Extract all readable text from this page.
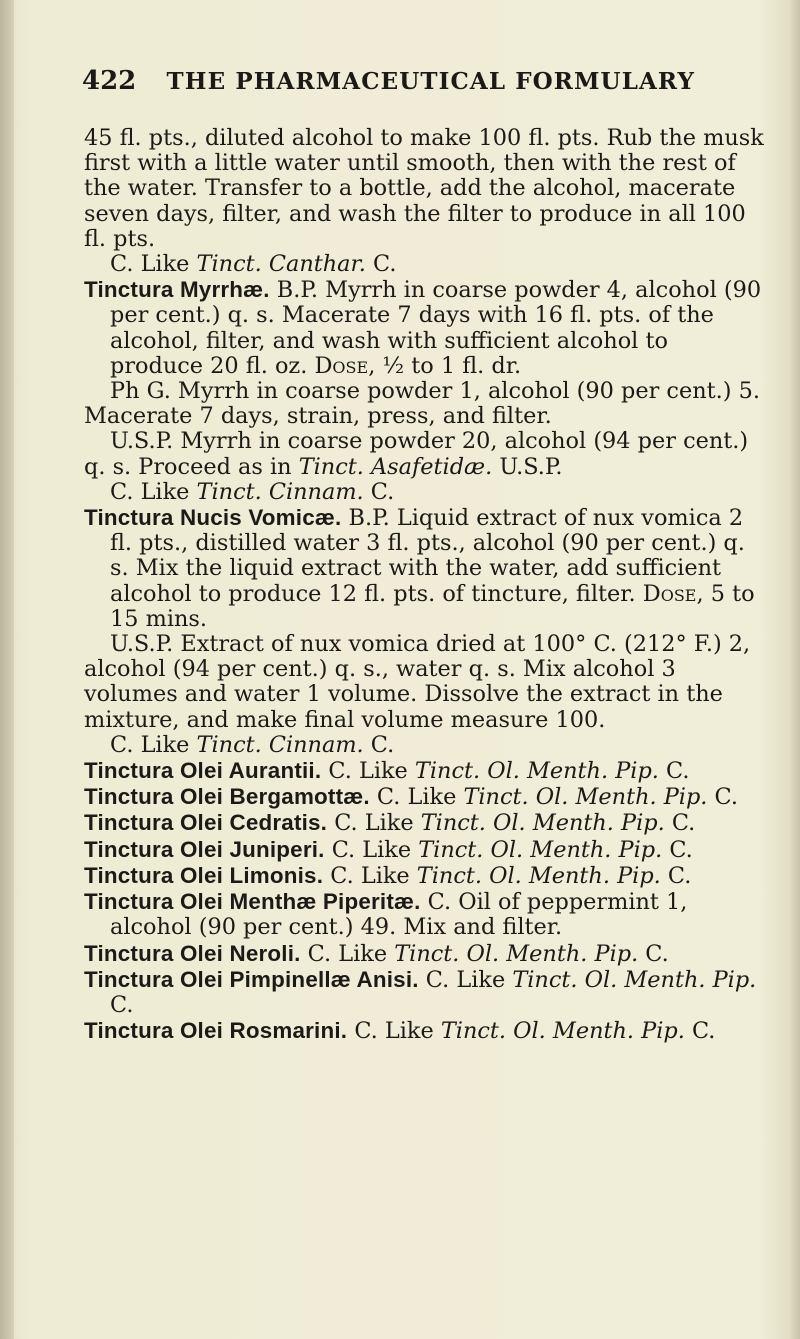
422 THE PHARMACEUTICAL FORMULARY

45 fl. pts., diluted alcohol to make 100 fl. pts. Rub the musk first with a little water until smooth, then with the rest of the water. Transfer to a bottle, add the alcohol, macerate seven days, filter, and wash the filter to produce in all 100 fl. pts.

C. Like Tinct. Canthar. C.

Tinctura Myrrhæ. B.P. Myrrh in coarse powder 4, alcohol (90 per cent.) q. s. Macerate 7 days with 16 fl. pts. of the alcohol, filter, and wash with sufficient alcohol to produce 20 fl. oz. Dose, ½ to 1 fl. dr.

Ph G. Myrrh in coarse powder 1, alcohol (90 per cent.) 5. Macerate 7 days, strain, press, and filter.

U.S.P. Myrrh in coarse powder 20, alcohol (94 per cent.) q. s. Proceed as in Tinct. Asafetidæ. U.S.P.

C. Like Tinct. Cinnam. C.

Tinctura Nucis Vomicæ. B.P. Liquid extract of nux vomica 2 fl. pts., distilled water 3 fl. pts., alcohol (90 per cent.) q. s. Mix the liquid extract with the water, add sufficient alcohol to produce 12 fl. pts. of tincture, filter. Dose, 5 to 15 mins.

U.S.P. Extract of nux vomica dried at 100° C. (212° F.) 2, alcohol (94 per cent.) q. s., water q. s. Mix alcohol 3 volumes and water 1 volume. Dissolve the extract in the mixture, and make final volume measure 100.

C. Like Tinct. Cinnam. C.

Tinctura Olei Aurantii. C. Like Tinct. Ol. Menth. Pip. C.

Tinctura Olei Bergamottæ. C. Like Tinct. Ol. Menth. Pip. C.

Tinctura Olei Cedratis. C. Like Tinct. Ol. Menth. Pip. C.

Tinctura Olei Juniperi. C. Like Tinct. Ol. Menth. Pip. C.

Tinctura Olei Limonis. C. Like Tinct. Ol. Menth. Pip. C.

Tinctura Olei Menthæ Piperitæ. C. Oil of peppermint 1, alcohol (90 per cent.) 49. Mix and filter.

Tinctura Olei Neroli. C. Like Tinct. Ol. Menth. Pip. C.

Tinctura Olei Pimpinellæ Anisi. C. Like Tinct. Ol. Menth. Pip. C.

Tinctura Olei Rosmarini. C. Like Tinct. Ol. Menth. Pip. C.
